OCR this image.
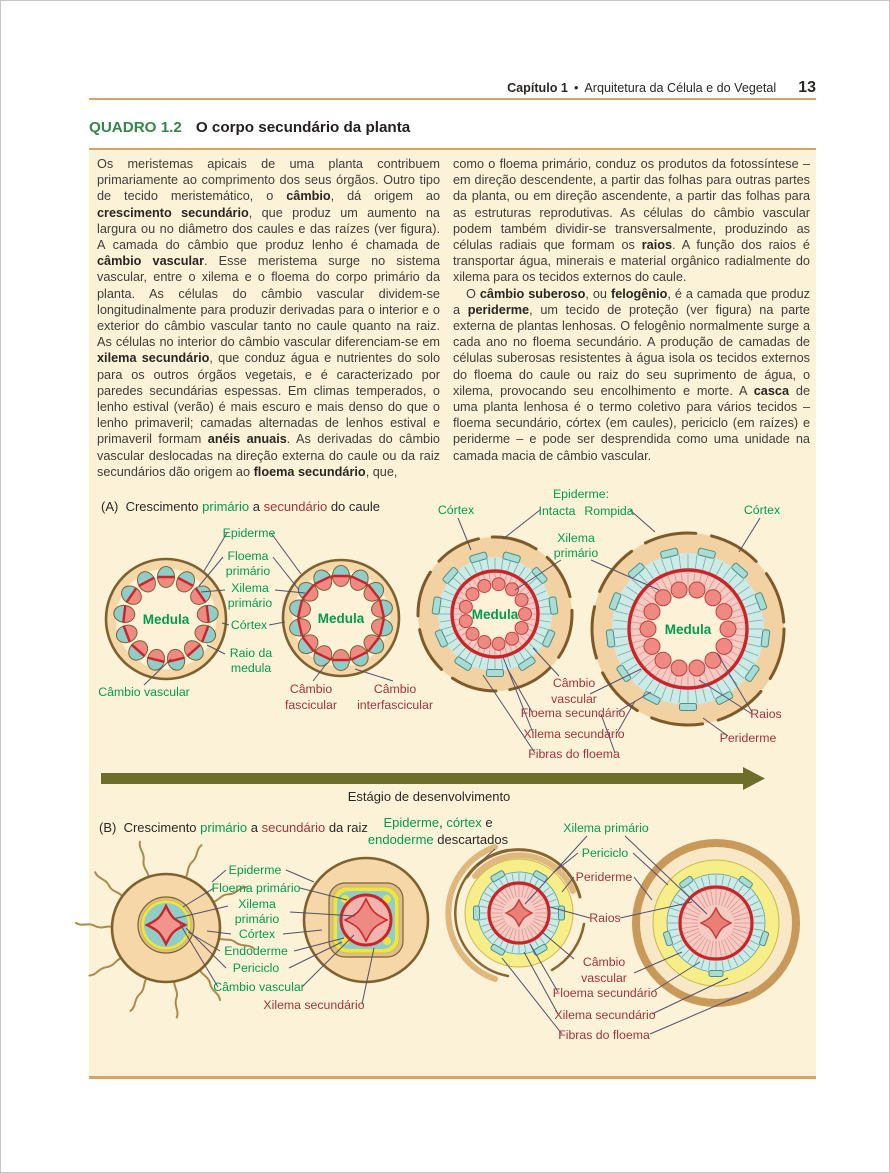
Capítulo 1 • Arquitetura da Célula e do Vegetal 13
QUADRO 1.2 O corpo secundário da planta

Os meristemas apicais de uma planta contribuem primariamente ao comprimento dos seus órgãos. Outro tipo de tecido meristemático, o câmbio, dá origem ao crescimento secundário, que produz um aumento na largura ou no diâmetro dos caules e das raízes (ver figura). A camada do câmbio que produz lenho é chamada de câmbio vascular. Esse meristema surge no sistema vascular, entre o xilema e o floema do corpo primário da planta. As células do câmbio vascular dividem-se longitudinalmente para produzir derivadas para o interior e o exterior do câmbio vascular tanto no caule quanto na raiz. As células no interior do câmbio vascular diferenciam-se em xilema secundário, que conduz água e nutrientes do solo para os outros órgãos vegetais, e é caracterizado por paredes secundárias espessas. Em climas temperados, o lenho estival (verão) é mais escuro e mais denso do que o lenho primaveril; camadas alternadas de lenhos estival e primaveril formam anéis anuais. As derivadas do câmbio vascular deslocadas na direção externa do caule ou da raiz secundários dão origem ao floema secundário, que,

como o floema primário, conduz os produtos da fotossíntese – em direção descendente, a partir das folhas para outras partes da planta, ou em direção ascendente, a partir das folhas para as estruturas reprodutivas. As células do câmbio vascular podem também dividir-se transversalmente, produzindo as células radiais que formam os raios. A função dos raios é transportar água, minerais e material orgânico radialmente do xilema para os tecidos externos do caule.

O câmbio suberoso, ou felogênio, é a camada que produz a periderme, um tecido de proteção (ver figura) na parte externa de plantas lenhosas. O felogênio normalmente surge a cada ano no floema secundário. A produção de camadas de células suberosas resistentes à água isola os tecidos externos do floema do caule ou raiz do seu suprimento de água, o xilema, provocando seu encolhimento e morte. A casca de uma planta lenhosa é o termo coletivo para vários tecidos – floema secundário, córtex (em caules), periciclo (em raízes) e periderme – e pode ser desprendida como uma unidade na camada macia de câmbio vascular.

(A)  Crescimento primário a secundário do caule
Epiderme
Floema
primário
Xilema
primário
Córtex
Raio da
medula
Câmbio vascular	Câmbio
fascicular
Câmbio
interfascicular
Medula	Medula	Medula
Medula
Epiderme:
Intacta Rompida
Córtex	Córtex
Xilema
primário
Câmbio
vascular
Floema secundário
Xilema secundário
Fibras do floema
Raios
Periderme
Estágio de desenvolvimento
(B)  Crescimento primário a secundário da raiz Epiderme, córtex e
endoderme descartados
Xilema primário
Epiderme
Floema primário
Xilema
primário
Córtex
Endoderme
Periciclo
Câmbio vascular
Xilema secundário
Periciclo
Periderme
Raios
Câmbio
vascular
Floema secundário
Xilema secundário
Fibras do floema
